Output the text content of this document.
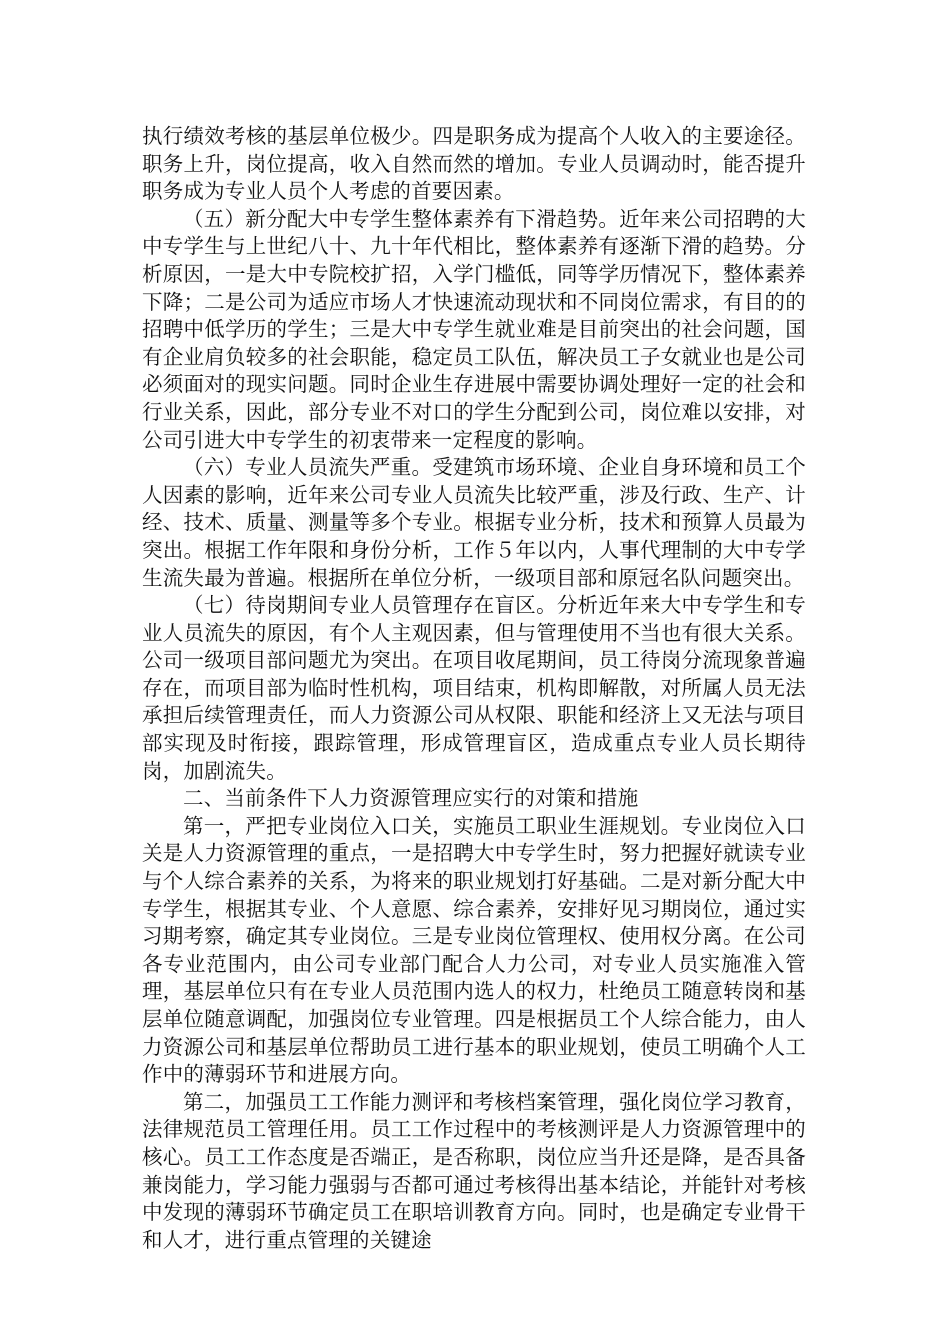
执行绩效考核的基层单位极少。四是职务成为提高个人收入的主要途径。职务上升，岗位提高，收入自然而然的增加。专业人员调动时，能否提升职务成为专业人员个人考虑的首要因素。

（五）新分配大中专学生整体素养有下滑趋势。近年来公司招聘的大中专学生与上世纪八十、九十年代相比，整体素养有逐渐下滑的趋势。分析原因，一是大中专院校扩招，入学门槛低，同等学历情况下，整体素养下降；二是公司为适应市场人才快速流动现状和不同岗位需求，有目的的招聘中低学历的学生；三是大中专学生就业难是目前突出的社会问题，国有企业肩负较多的社会职能，稳定员工队伍，解决员工子女就业也是公司必须面对的现实问题。同时企业生存进展中需要协调处理好一定的社会和行业关系，因此，部分专业不对口的学生分配到公司，岗位难以安排，对公司引进大中专学生的初衷带来一定程度的影响。

（六）专业人员流失严重。受建筑市场环境、企业自身环境和员工个人因素的影响，近年来公司专业人员流失比较严重，涉及行政、生产、计经、技术、质量、测量等多个专业。根据专业分析，技术和预算人员最为突出。根据工作年限和身份分析，工作５年以内，人事代理制的大中专学生流失最为普遍。根据所在单位分析，一级项目部和原冠名队问题突出。

（七）待岗期间专业人员管理存在盲区。分析近年来大中专学生和专业人员流失的原因，有个人主观因素，但与管理使用不当也有很大关系。公司一级项目部问题尤为突出。在项目收尾期间，员工待岗分流现象普遍存在，而项目部为临时性机构，项目结束，机构即解散，对所属人员无法承担后续管理责任，而人力资源公司从权限、职能和经济上又无法与项目部实现及时衔接，跟踪管理，形成管理盲区，造成重点专业人员长期待岗，加剧流失。

二、当前条件下人力资源管理应实行的对策和措施

第一，严把专业岗位入口关，实施员工职业生涯规划。专业岗位入口关是人力资源管理的重点，一是招聘大中专学生时，努力把握好就读专业与个人综合素养的关系，为将来的职业规划打好基础。二是对新分配大中专学生，根据其专业、个人意愿、综合素养，安排好见习期岗位，通过实习期考察，确定其专业岗位。三是专业岗位管理权、使用权分离。在公司各专业范围内，由公司专业部门配合人力公司，对专业人员实施准入管理，基层单位只有在专业人员范围内选人的权力，杜绝员工随意转岗和基层单位随意调配，加强岗位专业管理。四是根据员工个人综合能力，由人力资源公司和基层单位帮助员工进行基本的职业规划，使员工明确个人工作中的薄弱环节和进展方向。

第二，加强员工工作能力测评和考核档案管理，强化岗位学习教育，法律规范员工管理任用。员工工作过程中的考核测评是人力资源管理中的核心。员工工作态度是否端正，是否称职，岗位应当升还是降，是否具备兼岗能力，学习能力强弱与否都可通过考核得出基本结论，并能针对考核中发现的薄弱环节确定员工在职培训教育方向。同时，也是确定专业骨干和人才，进行重点管理的关键途
